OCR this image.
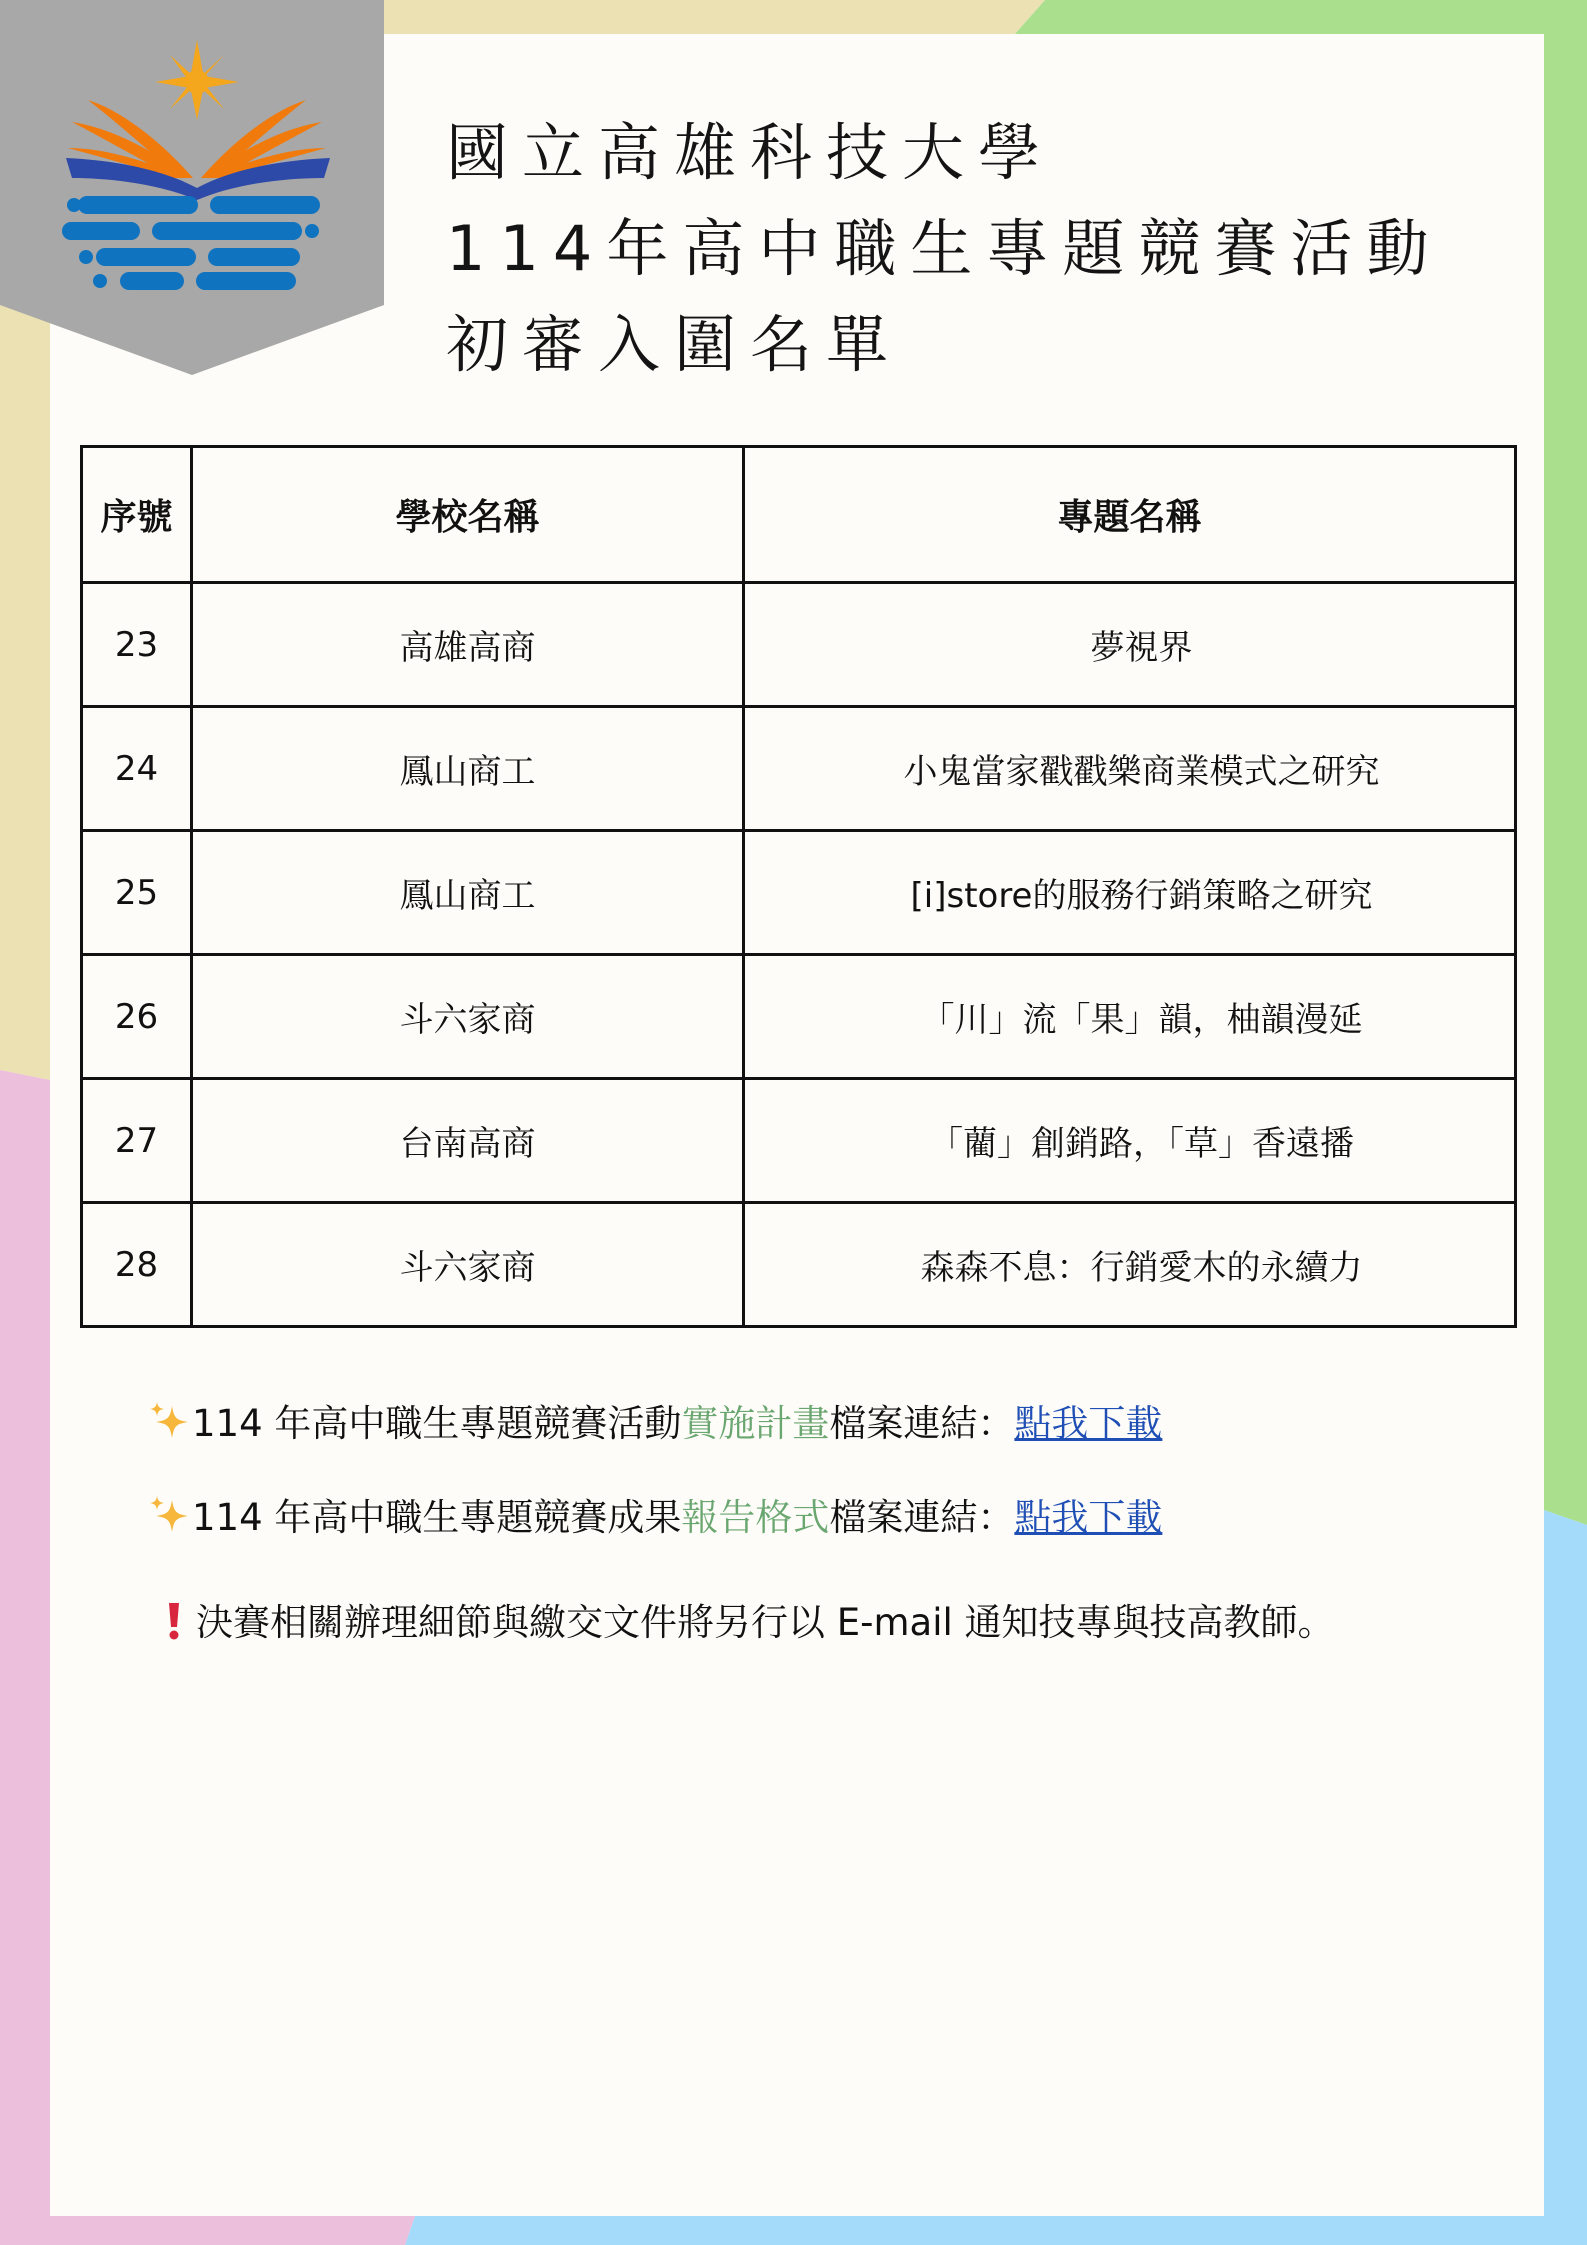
國立高雄科技大學
114年高中職生專題競賽活動
初審入圍名單
序號	學校名稱	專題名稱
23	高雄高商	夢視界
24	鳳山商工	小鬼當家戳戳樂商業模式之研究
25	鳳山商工	[i]store的服務行銷策略之研究
26	斗六家商	「川」流「果」韻，柚韻漫延
27	台南高商	「藺」創銷路，「草」香遠播
28	斗六家商	森森不息：行銷愛木的永續力
114 年高中職生專題競賽活動實施計畫檔案連結：點我下載
114 年高中職生專題競賽成果報告格式檔案連結：點我下載
決賽相關辦理細節與繳交文件將另行以 E-mail 通知技專與技高教師。
